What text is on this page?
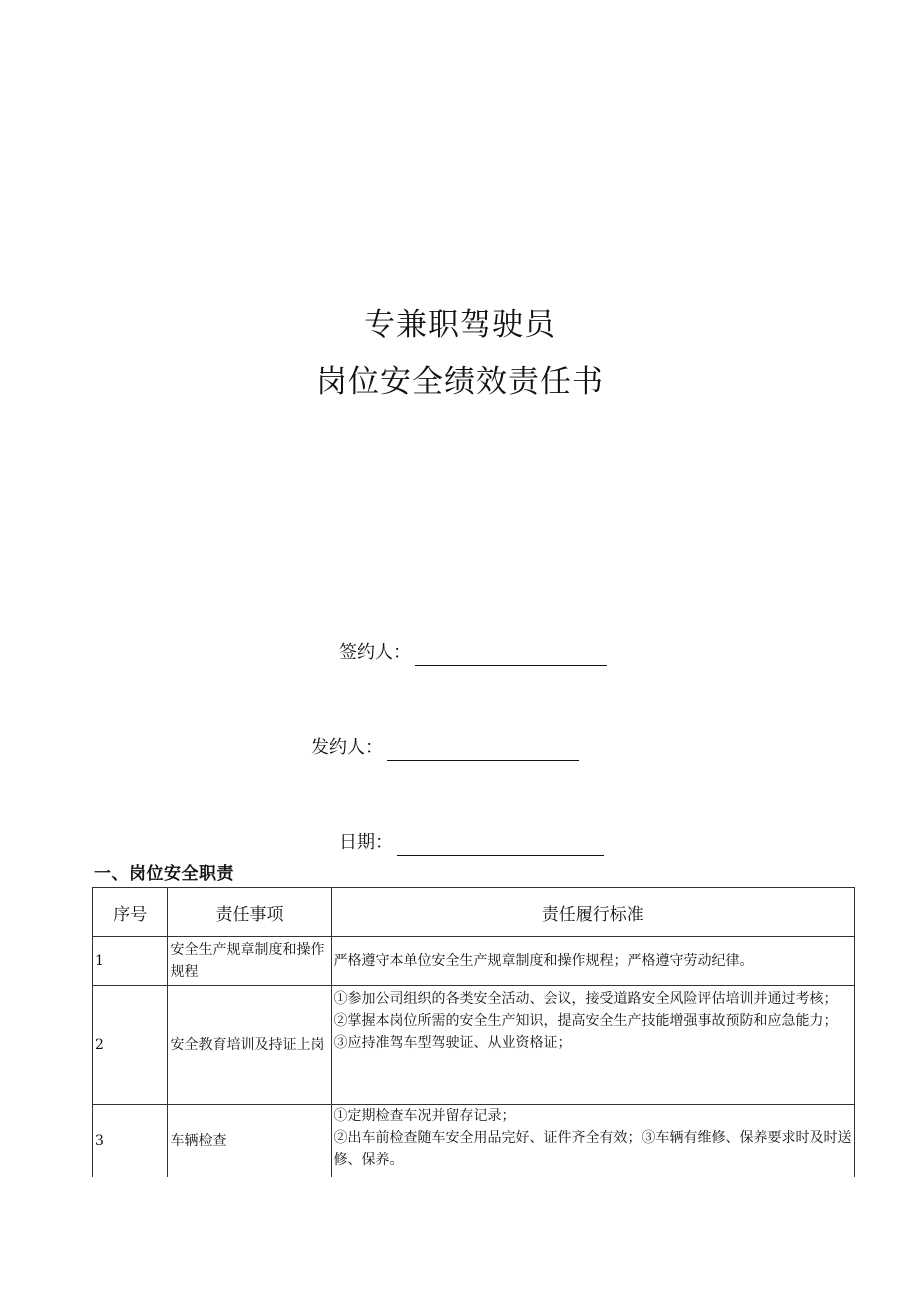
专兼职驾驶员
岗位安全绩效责任书
签约人：
发约人：
日期：
一、岗位安全职责
序号	责任事项	责任履行标准
1	安全生产规章制度和操作规程	严格遵守本单位安全生产规章制度和操作规程；严格遵守劳动纪律。

2	安全教育培训及持证上岗	①参加公司组织的各类安全活动、会议，接受道路安全风险评估培训并通过考核；
②掌握本岗位所需的安全生产知识，提高安全生产技能增强事故预防和应急能力；
③应持准驾车型驾驶证、从业资格证；

3	车辆检查	①定期检查车况并留存记录；
②出车前检查随车安全用品完好、证件齐全有效；③车辆有维修、保养要求时及时送修、保养。
